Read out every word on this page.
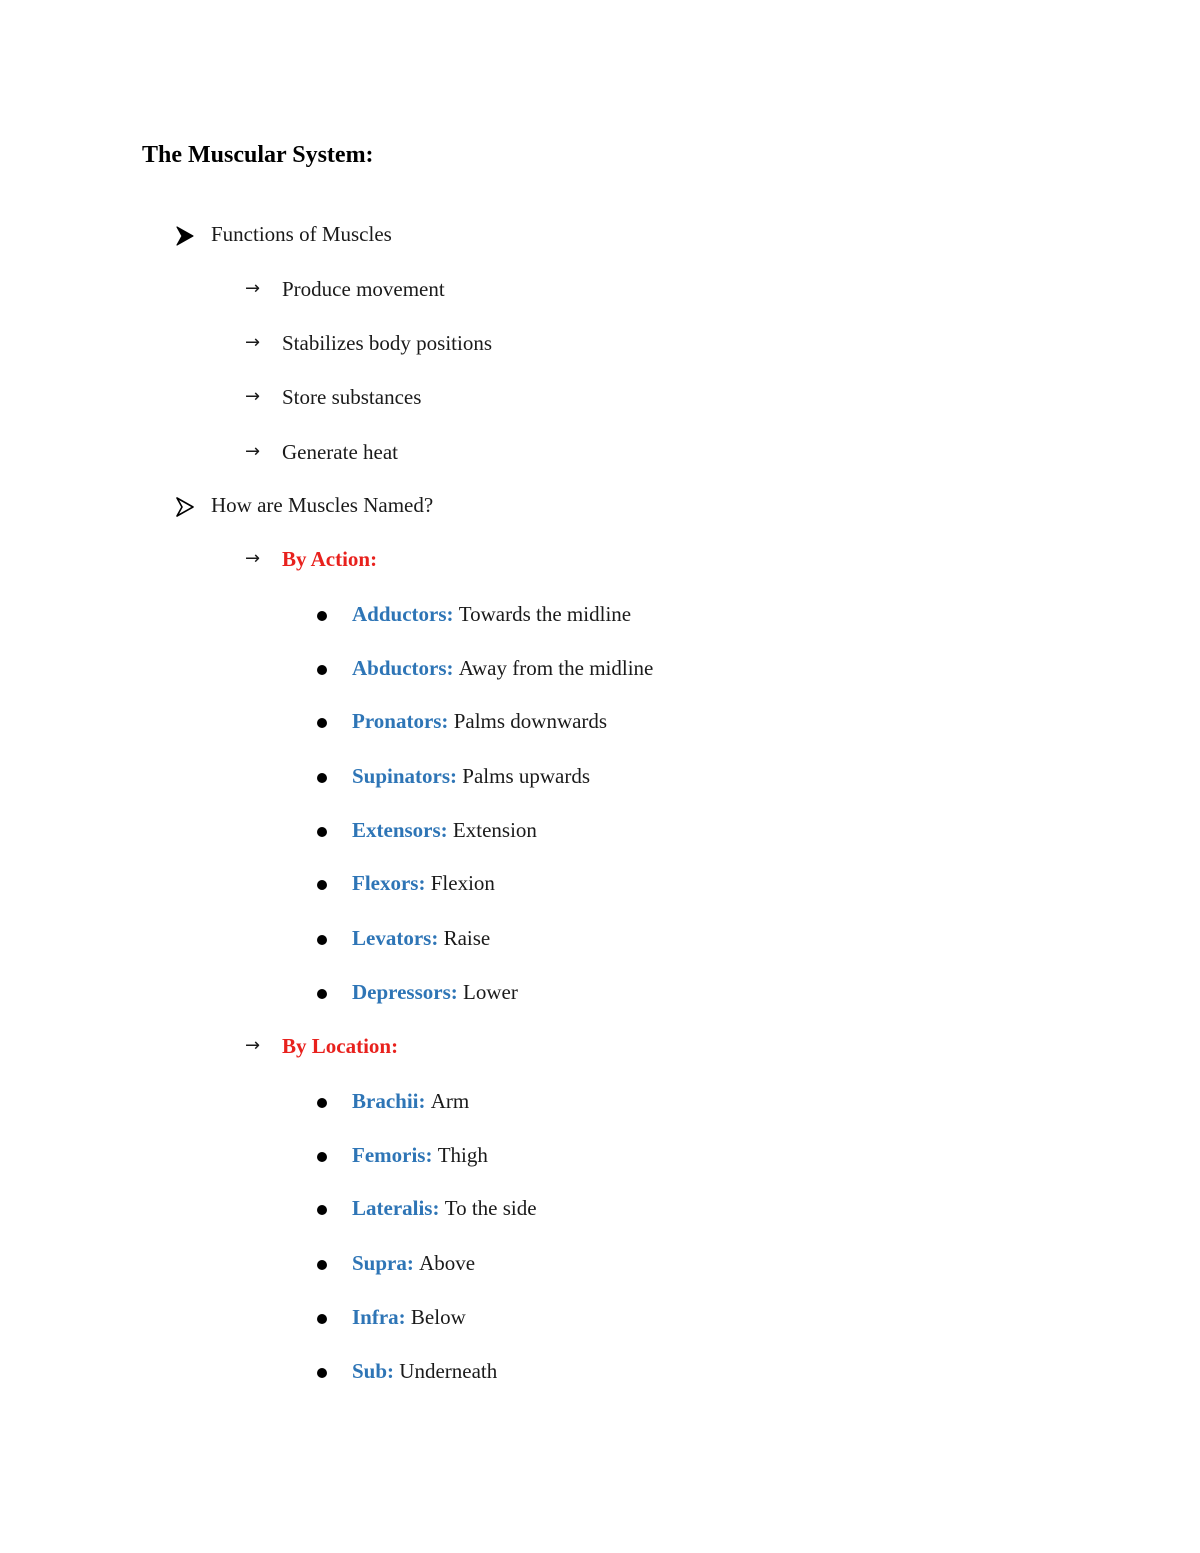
The Muscular System:
Functions of Muscles
→	Produce movement
→	Stabilizes body positions
→	Store substances
→	Generate heat
How are Muscles Named?
→	By Action:
Adductors:
Towards the midline
Abductors:
Away from the midline
Pronators:
Palms downwards
Supinators:
Palms upwards
Extensors:
Extension
Flexors:
Flexion
Levators:
Raise
Depressors:
Lower
→	By Location:
Brachii:
Arm
Femoris:
Thigh
Lateralis:
To the side
Supra:
Above
Infra:
Below
Sub:
Underneath
